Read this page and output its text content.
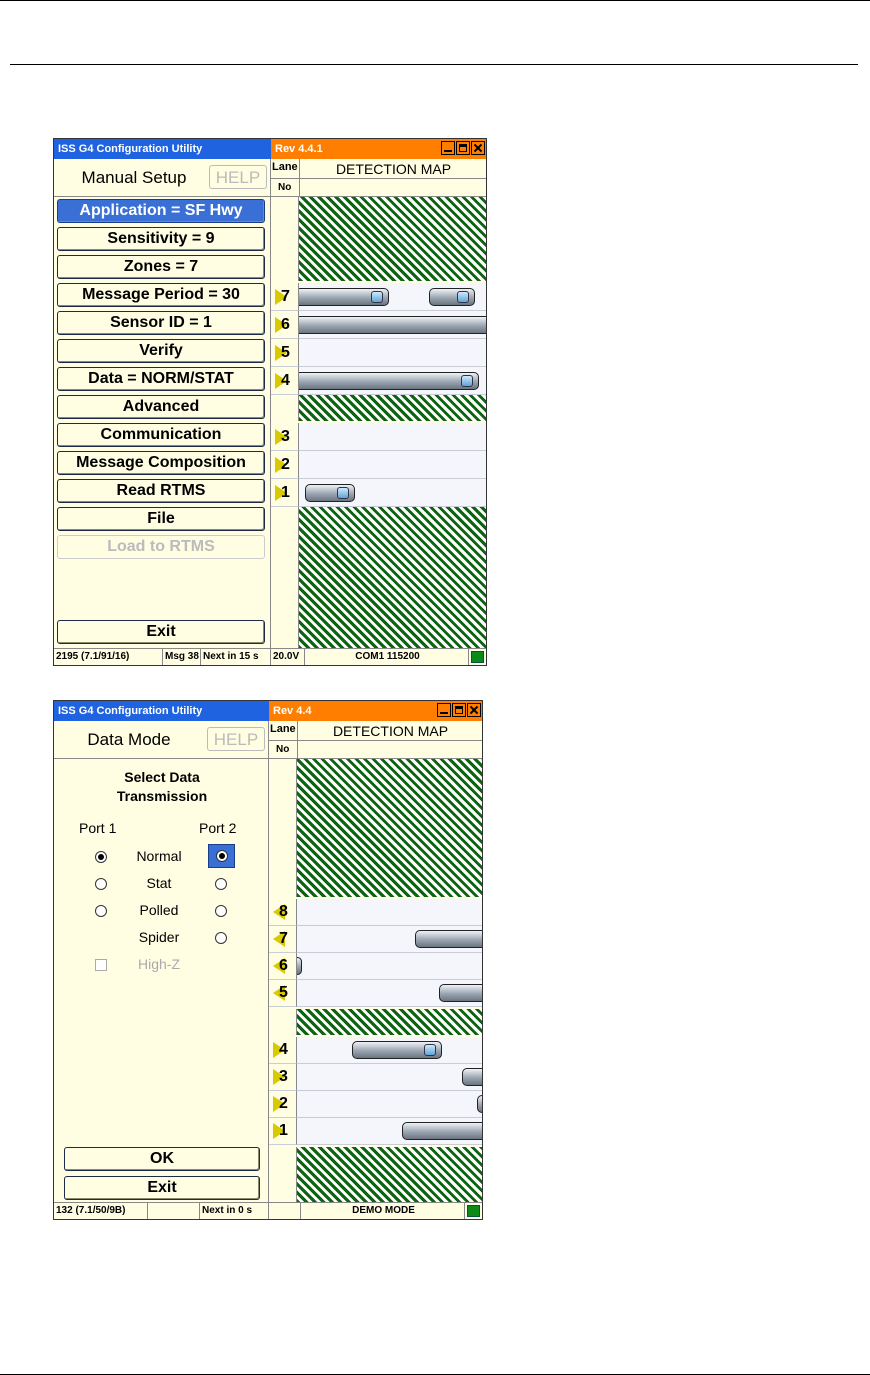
ISS G4 Configuration Utility	Rev 4.4.1
Manual Setup	HELP
Application = SF Hwy
Sensitivity = 9
Zones = 7
Message Period = 30
Sensor ID = 1
Verify
Data = NORM/STAT
Advanced
Communication
Message Composition
Read RTMS
File
Load to RTMS
Exit
Lane
No
DETECTION MAP
7
6
5
4
3
2
1
2195 (7.1/91/16)	Msg 38 Next in 15 s	20.0V	COM1 115200
ISS G4 Configuration Utility	Rev 4.4
Data Mode	HELP
Select Data
Transmission
Port 1	Port 2
Normal
Stat
Polled
Spider
High-Z
OK
Exit
Lane
No
DETECTION MAP
8
7
6
5
4
3
2
1
132 (7.1/50/9B)	Next in 0 s	DEMO MODE
